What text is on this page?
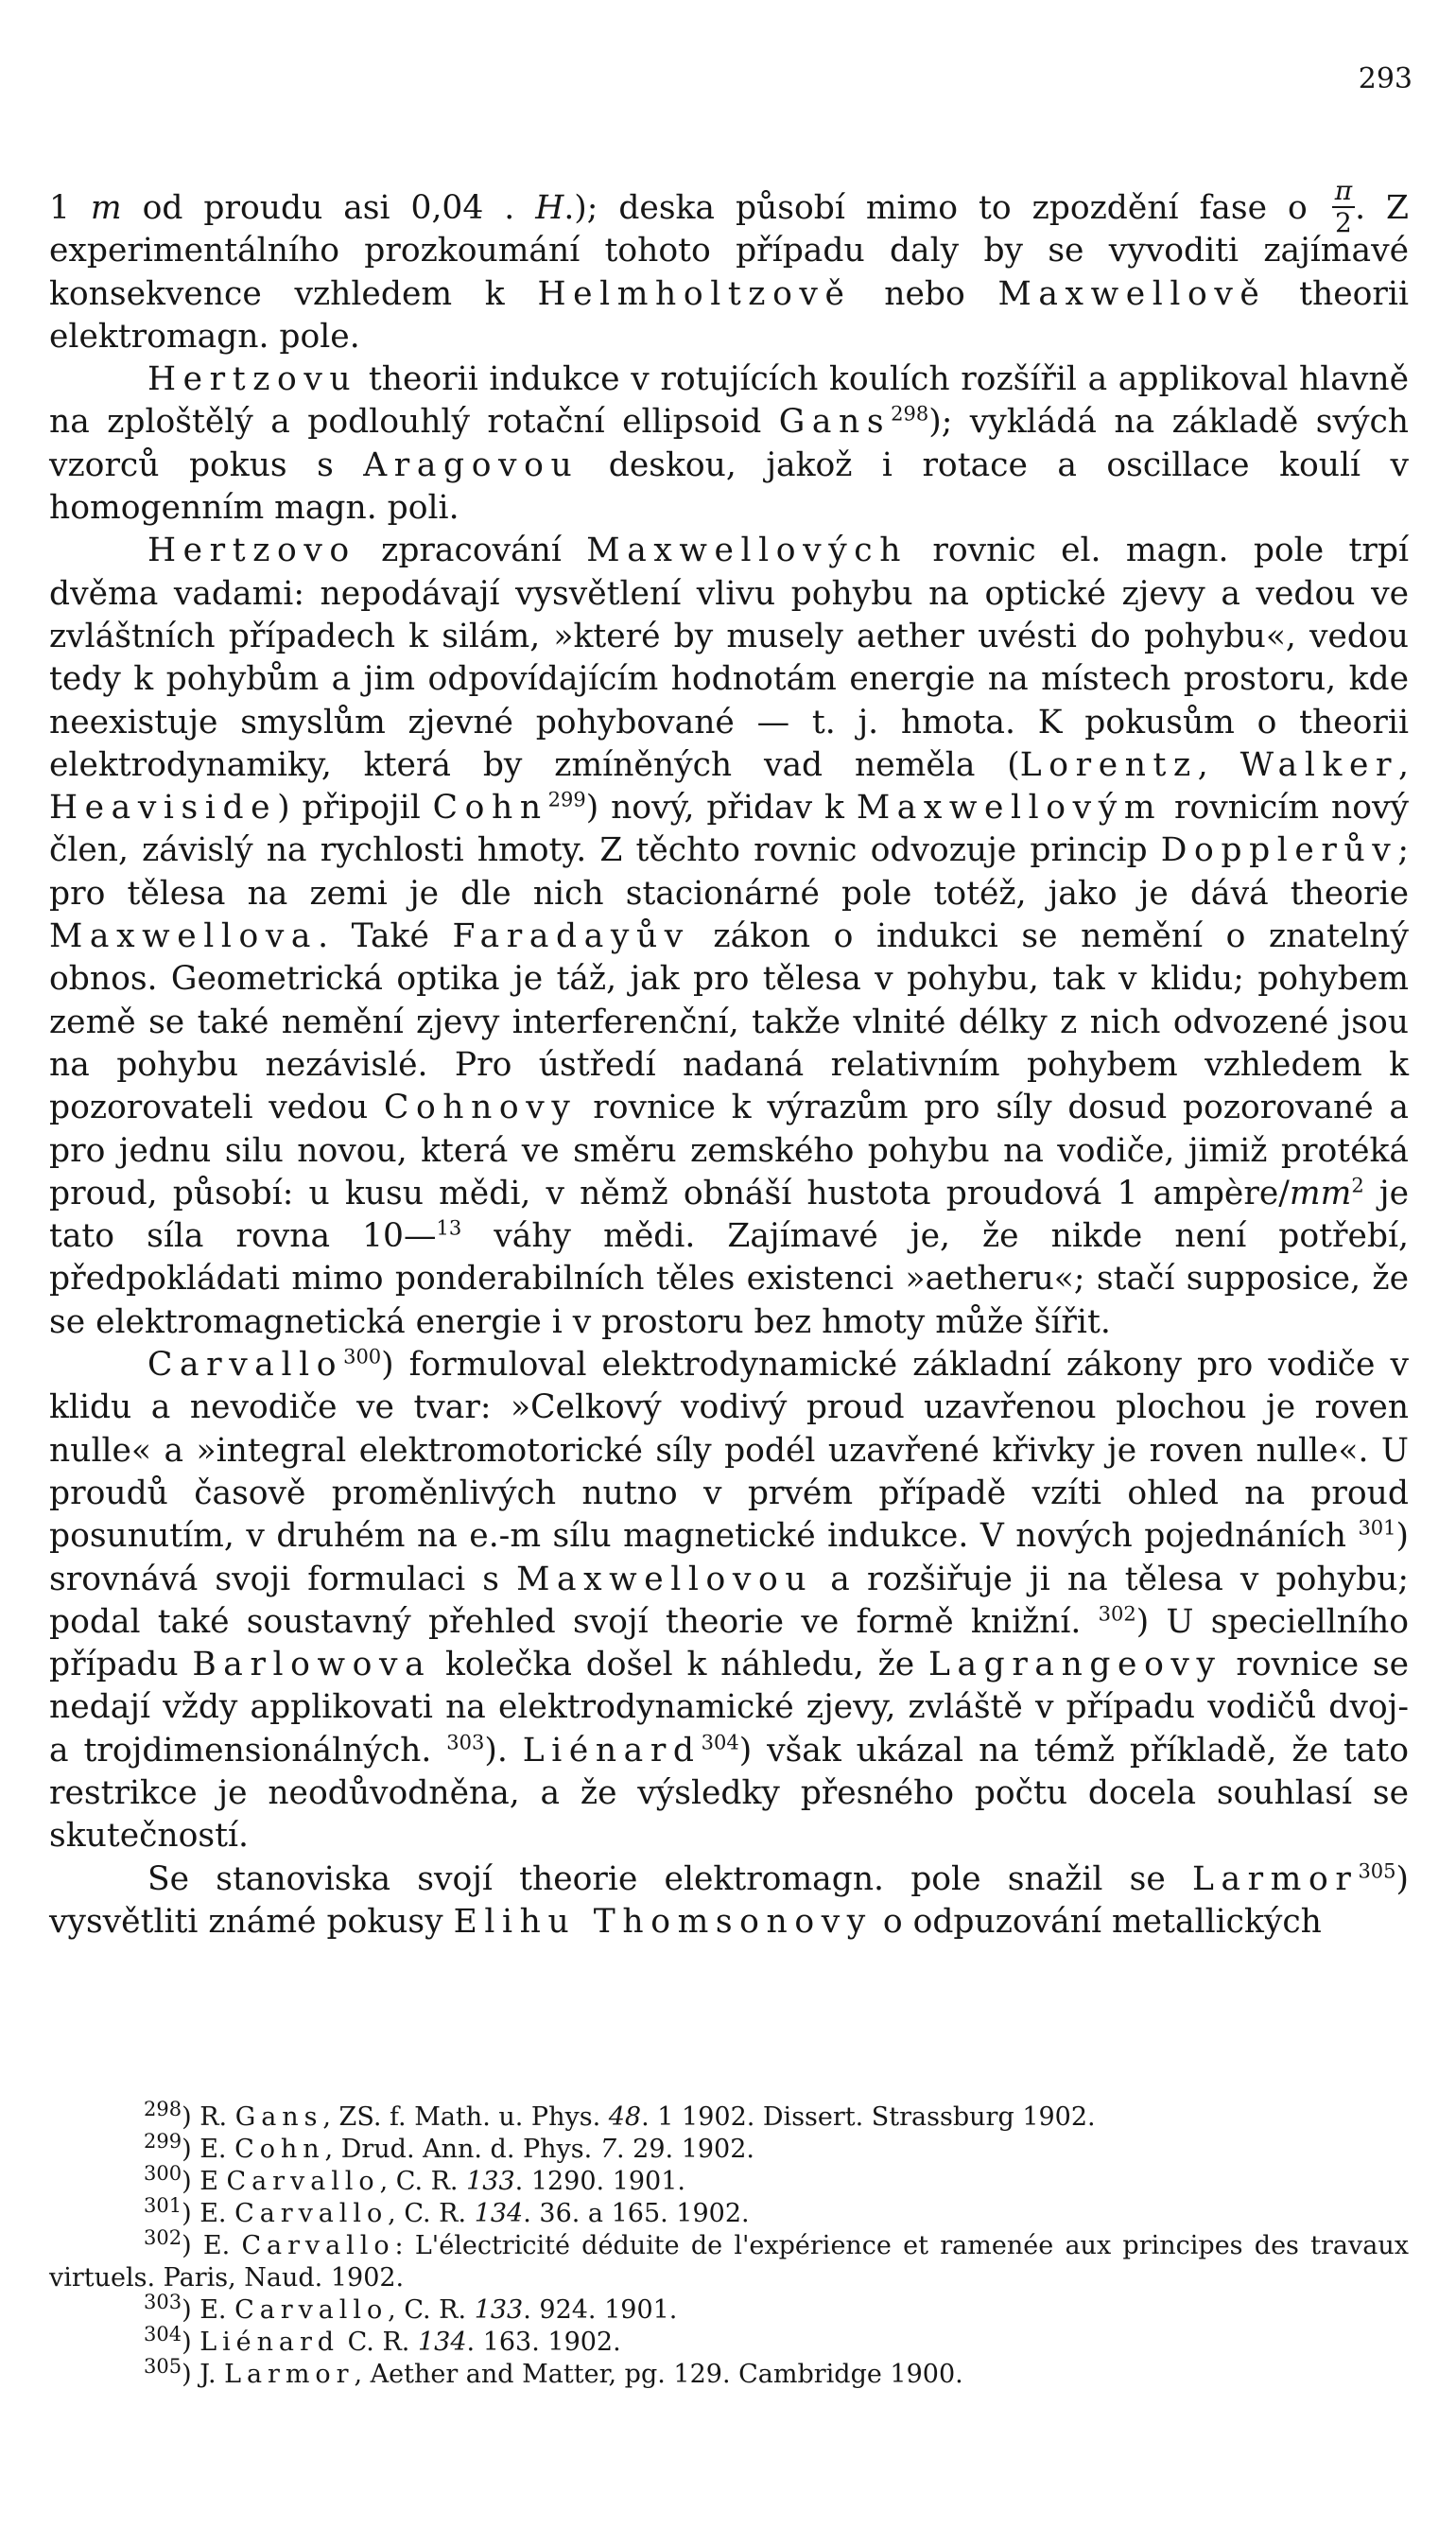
293

1 m od proudu asi 0,04 . H.); deska působí mimo to zpozdění fase o $\frac{\pi}{2}$ . Z experimentálního prozkoumání tohoto případu daly by se vyvoditi zajímavé konsekvence vzhledem k Helmholtzově nebo Maxwellově theorii elektromagn. pole.

Hertzovu theorii indukce v rotujících koulích rozšířil a applikoval hlavně na zploštělý a podlouhlý rotační ellipsoid Gans$^{298}$); vykládá na základě svých vzorců pokus s Aragovou deskou, jakož i rotace a oscillace koulí v homogenním magn. poli.

Hertzovo zpracování Maxwellových rovnic el. magn. pole trpí dvěma vadami: nepodávají vysvětlení vlivu pohybu na optické zjevy a vedou ve zvláštních případech k silám, »které by musely aether uvésti do pohybu«, vedou tedy k pohybům a jim odpovídajícím hodnotám energie na místech prostoru, kde neexistuje smyslům zjevné pohybované — t. j. hmota. K pokusům o theorii elektrodynamiky, která by zmíněných vad neměla (Lorentz, Walker, Heaviside) připojil Cohn$^{299}$) nový, přidav k Maxwellovým rovnicím nový člen, závislý na rychlosti hmoty. Z těchto rovnic odvozuje princip Dopplerův; pro tělesa na zemi je dle nich stacionárné pole totéž, jako je dává theorie Maxwellova. Také Faradayův zákon o indukci se nemění o znatelný obnos. Geometrická optika je táž, jak pro tělesa v pohybu, tak v klidu; pohybem země se také nemění zjevy interferenční, takže vlnité délky z nich odvozené jsou na pohybu nezávislé. Pro ústředí nadaná relativním pohybem vzhledem k pozorovateli vedou Cohnovy rovnice k výrazům pro síly dosud pozorované a pro jednu silu novou, která ve směru zemského pohybu na vodiče, jimiž protéká proud, působí: u kusu mědi, v němž obnáší hustota proudová 1 ampère/$mm^2$ je tato síla rovna 10—$^{13}$ váhy mědi. Zajímavé je, že nikde není potřebí, předpokládati mimo ponderabilních těles existenci »aetheru«; stačí supposice, že se elektromagnetická energie i v prostoru bez hmoty může šířit.

Carvallo$^{300}$) formuloval elektrodynamické základní zákony pro vodiče v klidu a nevodiče ve tvar: »Celkový vodivý proud uzavřenou plochou je roven nulle« a »integral elektromotorické síly podél uzavřené křivky je roven nulle«. U proudů časově proměnlivých nutno v prvém případě vzíti ohled na proud posunutím, v druhém na e.-m sílu magnetické indukce. V nových pojednáních $^{301}$) srovnává svoji formulaci s Maxwellovou a rozšiřuje ji na tělesa v pohybu; podal také soustavný přehled svojí theorie ve formě knižní. $^{302}$) U speciellního případu Barlowova kolečka došel k náhledu, že Lagrangeovy rovnice se nedají vždy applikovati na elektrodynamické zjevy, zvláště v případu vodičů dvoj- a trojdimensionálných. $^{303}$). Liénard$^{304}$) však ukázal na témž příkladě, že tato restrikce je neodůvodněna, a že výsledky přesného počtu docela souhlasí se skutečností.

Se stanoviska svojí theorie elektromagn. pole snažil se Larmor$^{305}$) vysvětliti známé pokusy Elihu Thomsonovy o odpuzování metallických

$^{298}$) R. Gans, ZS. f. Math. u. Phys. 48. 1 1902. Dissert. Strassburg 1902.

$^{299}$) E. Cohn, Drud. Ann. d. Phys. 7. 29. 1902.

$^{300}$) E Carvallo, C. R. 133. 1290. 1901.

$^{301}$) E. Carvallo, C. R. 134. 36. a 165. 1902.

$^{302}$) E. Carvallo: L'électricité déduite de l'expérience et ramenée aux principes des travaux virtuels. Paris, Naud. 1902.

$^{303}$) E. Carvallo, C. R. 133. 924. 1901.

$^{304}$) Liénard C. R. 134. 163. 1902.

$^{305}$) J. Larmor, Aether and Matter, pg. 129. Cambridge 1900.
